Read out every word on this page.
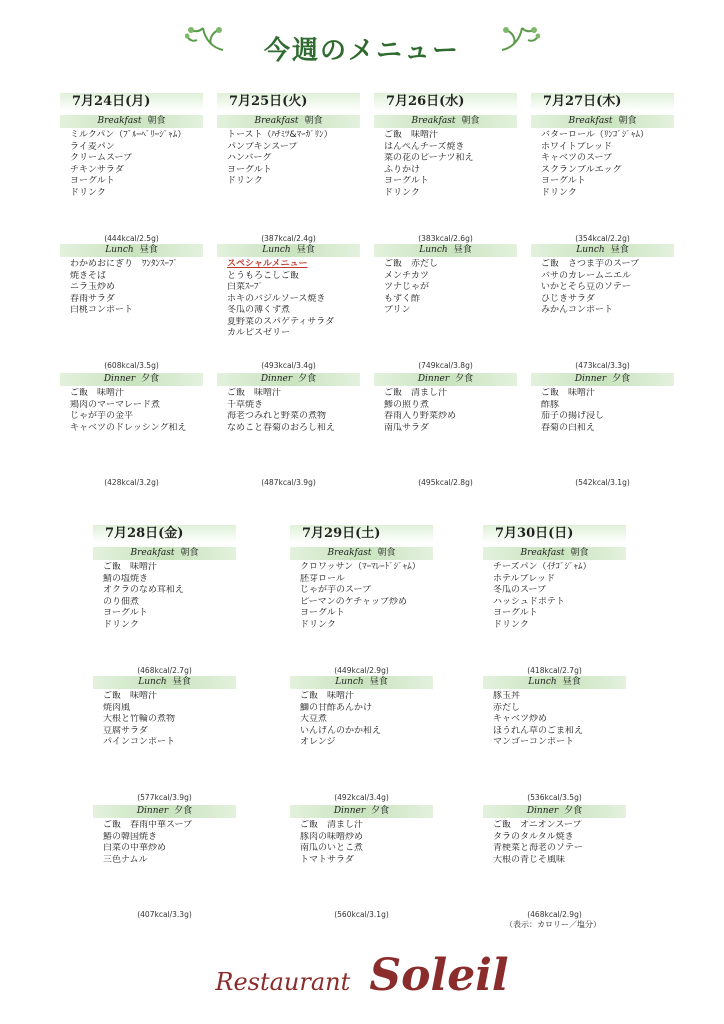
今週のメニュー
7月24日(月)
Breakfast 朝食
ミルクパン（ﾌﾞﾙｰﾍﾞﾘｰｼﾞｬﾑ）
ライ麦パン
クリームスープ
チキンサラダ
ヨーグルト
ドリンク
(444kcal/2.5g)
Lunch 昼食
わかめおにぎり　ﾜﾝﾀﾝｽｰﾌﾟ
焼きそば
ニラ玉炒め
春雨サラダ
白桃コンポート
(608kcal/3.5g)
Dinner 夕食
ご飯　味噌汁
鶏肉のマーマレード煮
じゃが芋の金平
キャベツのドレッシング和え
(428kcal/3.2g)
7月25日(火)
Breakfast 朝食
トースト（ﾊﾁﾐﾂ&ﾏｰｶﾞﾘﾝ）
パンプキンスープ
ハンバーグ
ヨーグルト
ドリンク
(387kcal/2.4g)
Lunch 昼食
スペシャルメニュー
とうもろこしご飯
白菜ｽｰﾌﾟ
ホキのバジルソース焼き
冬瓜の薄くず煮
夏野菜のスパゲティサラダ
カルピスゼリー
(493kcal/3.4g)
Dinner 夕食
ご飯　味噌汁
千草焼き
海老つみれと野菜の煮物
なめこと春菊のおろし和え
(487kcal/3.9g)
7月26日(水)
Breakfast 朝食
ご飯　味噌汁
はんぺんチーズ焼き
菜の花のピーナツ和え
ふりかけ
ヨーグルト
ドリンク
(383kcal/2.6g)
Lunch 昼食
ご飯　赤だし
メンチカツ
ツナじゃが
もずく酢
プリン
(749kcal/3.8g)
Dinner 夕食
ご飯　清まし汁
鯵の照り煮
春雨入り野菜炒め
南瓜サラダ
(495kcal/2.8g)
7月27日(木)
Breakfast 朝食
バターロール（ﾘﾝｺﾞｼﾞｬﾑ）
ホワイトブレッド
キャベツのスープ
スクランブルエッグ
ヨーグルト
ドリンク
(354kcal/2.2g)
Lunch 昼食
ご飯　さつま芋のスープ
バサのカレームニエル
いかとそら豆のソテー
ひじきサラダ
みかんコンポート
(473kcal/3.3g)
Dinner 夕食
ご飯　味噌汁
酢豚
茄子の揚げ浸し
春菊の白和え
(542kcal/3.1g)
7月28日(金)
Breakfast 朝食
ご飯　味噌汁
鯖の塩焼き
オクラのなめ茸和え
のり佃煮
ヨーグルト
ドリンク
(468kcal/2.7g)
Lunch 昼食
ご飯　味噌汁
焼肉風
大根と竹輪の煮物
豆腐サラダ
パインコンポート
(577kcal/3.9g)
Dinner 夕食
ご飯　春雨中華スープ
鰆の韓国焼き
白菜の中華炒め
三色ナムル
(407kcal/3.3g)
7月29日(土)
Breakfast 朝食
クロワッサン（ﾏｰﾏﾚｰﾄﾞｼﾞｬﾑ）
胚芽ロール
じゃが芋のスープ
ピーマンのケチャップ炒め
ヨーグルト
ドリンク
(449kcal/2.9g)
Lunch 昼食
ご飯　味噌汁
鰤の甘酢あんかけ
大豆煮
いんげんのかか和え
オレンジ
(492kcal/3.4g)
Dinner 夕食
ご飯　清まし汁
豚肉の味噌炒め
南瓜のいとこ煮
トマトサラダ
(560kcal/3.1g)
7月30日(日)
Breakfast 朝食
チーズパン（ｲﾁｺﾞｼﾞｬﾑ）
ホテルブレッド
冬瓜のスープ
ハッシュドポテト
ヨーグルト
ドリンク
(418kcal/2.7g)
Lunch 昼食
豚玉丼
赤だし
キャベツ炒め
ほうれん草のごま和え
マンゴーコンポート
(536kcal/3.5g)
Dinner 夕食
ご飯　オニオンスープ
タラのタルタル焼き
青梗菜と海老のソテー
大根の青じそ風味
(468kcal/2.9g)
（表示：カロリー／塩分）
Restaurant Soleil
